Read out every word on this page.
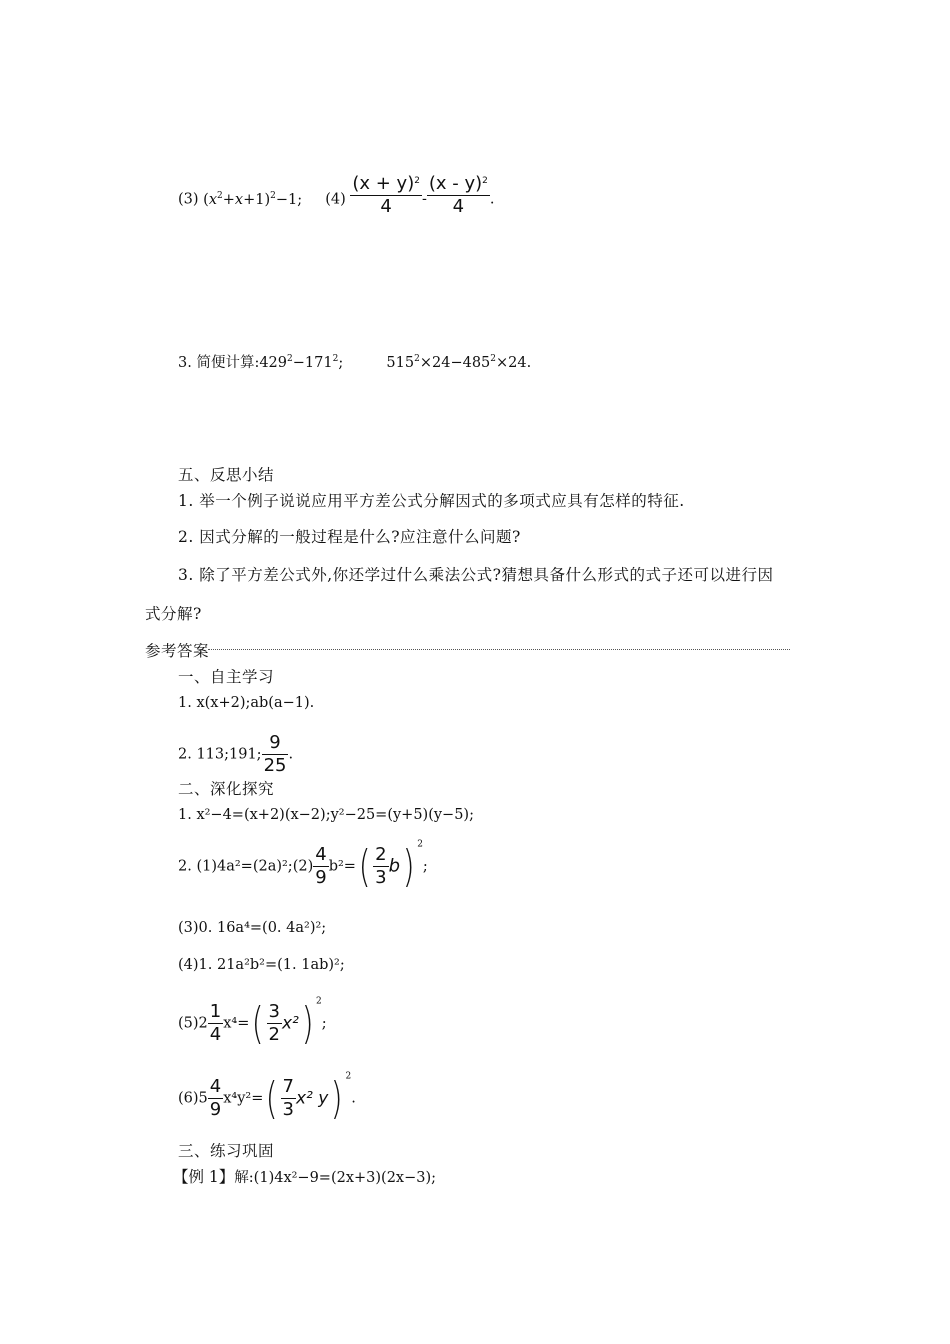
(3) $(x^2+x+1)^2-1$; $(4) \frac{(x + y)^2}{4} - \frac{(x - y)^2}{4}$ .
3. 简便计算$:429^2-171^2$;	$515^2\times 24-485^2\times 24$.
五、反思小结
1. 举一个例子说说应用平方差公式分解因式的多项式应具有怎样的特征.
2. 因式分解的一般过程是什么?应注意什么问题?
3. 除了平方差公式外,你还学过什么乘法公式?猜想具备什么形式的式子还可以进行因
式分解?
参考答案
一、自主学习
1. x(x+2);ab(a−1).
2. 113;191; $\frac{9}{25}$ .
二、深化探究
1. x²−4=(x+2)(x−2);y²−25=(y+5)(y−5);
2. (1)4a²=(2a)²;(2) $\frac{4}{9} b^2=( \frac{2}{3} b)$ $^2$;
(3)0. 16a⁴=(0. 4a²)²;
(4)1. 21a²b²=(1. 1ab)²;
$(5)2 \frac{1}{4} x^4=( \frac{3}{2} x^2)$ $^2$;
$(6)5 \frac{4}{9} x^4y^2=( \frac{7}{3} x^2$ y) $^2$.
三、练习巩固
【例 1】解:(1)4x²−9=(2x+3)(2x−3);
